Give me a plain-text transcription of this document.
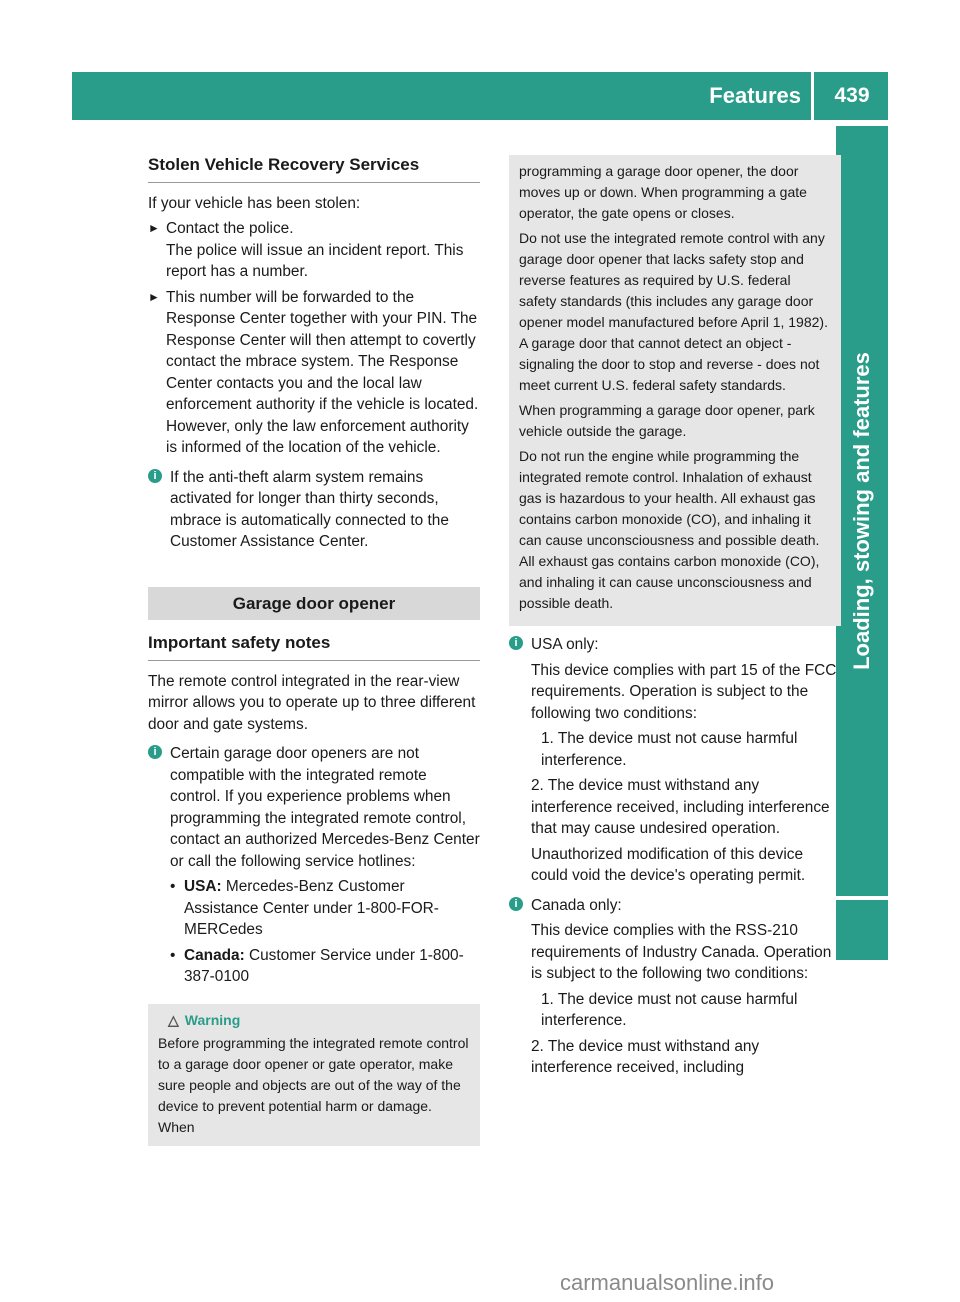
Features	439
Loading, stowing and features
Stolen Vehicle Recovery Services

If your vehicle has been stolen:

► Contact the police.
The police will issue an incident report. This report has a number.
► This number will be forwarded to the Response Center together with your PIN. The Response Center will then attempt to covertly contact the mbrace system. The Response Center contacts you and the local law enforcement authority if the vehicle is located. However, only the law enforcement authority is informed of the location of the vehicle.
i If the anti-theft alarm system remains activated for longer than thirty seconds, mbrace is automatically connected to the Customer Assistance Center.
Garage door opener
Important safety notes

The remote control integrated in the rear-view mirror allows you to operate up to three different door and gate systems.

i Certain garage door openers are not compatible with the integrated remote control. If you experience problems when programming the integrated remote control, contact an authorized Mercedes-Benz Center or call the following service hotlines:
• USA: Mercedes-Benz Customer Assistance Center under 1-800-FOR-MERCedes
• Canada: Customer Service under 1-800-387-0100
△ Warning
Before programming the integrated remote control to a garage door opener or gate operator, make sure people and objects are out of the way of the device to prevent potential harm or damage. When

programming a garage door opener, the door moves up or down. When programming a gate operator, the gate opens or closes.

Do not use the integrated remote control with any garage door opener that lacks safety stop and reverse features as required by U.S. federal safety standards (this includes any garage door opener model manufactured before April 1, 1982). A garage door that cannot detect an object - signaling the door to stop and reverse - does not meet current U.S. federal safety standards.

When programming a garage door opener, park vehicle outside the garage.

Do not run the engine while programming the integrated remote control. Inhalation of exhaust gas is hazardous to your health. All exhaust gas contains carbon monoxide (CO), and inhaling it can cause unconsciousness and possible death. All exhaust gas contains carbon monoxide (CO), and inhaling it can cause unconsciousness and possible death.

i USA only:

This device complies with part 15 of the FCC requirements. Operation is subject to the following two conditions:

1. The device must not cause harmful interference.

2. The device must withstand any interference received, including interference that may cause undesired operation.

Unauthorized modification of this device could void the device's operating permit.

i Canada only:

This device complies with the RSS-210 requirements of Industry Canada. Operation is subject to the following two conditions:

1. The device must not cause harmful interference.

2. The device must withstand any interference received, including

carmanualsonline.info
